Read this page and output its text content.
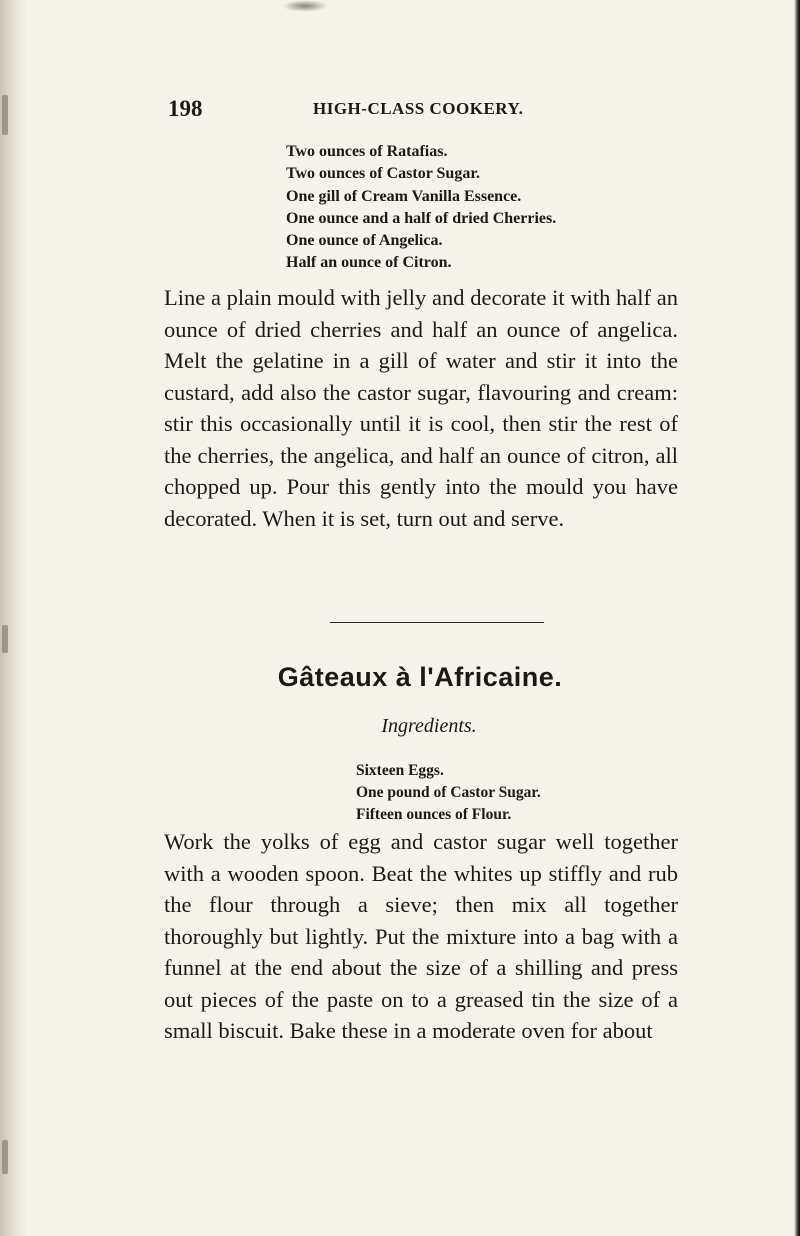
198	HIGH-CLASS COOKERY.
Two ounces of Ratafias.
Two ounces of Castor Sugar.
One gill of Cream Vanilla Essence.
One ounce and a half of dried Cherries.
One ounce of Angelica.
Half an ounce of Citron.

Line a plain mould with jelly and decorate it with half an ounce of dried cherries and half an ounce of angelica. Melt the gelatine in a gill of water and stir it into the custard, add also the castor sugar, flavouring and cream: stir this occasionally until it is cool, then stir the rest of the cherries, the angelica, and half an ounce of citron, all chopped up. Pour this gently into the mould you have decorated. When it is set, turn out and serve.

Gâteaux à l'Africaine.
Ingredients.
Sixteen Eggs.
One pound of Castor Sugar.
Fifteen ounces of Flour.

Work the yolks of egg and castor sugar well together with a wooden spoon. Beat the whites up stiffly and rub the flour through a sieve; then mix all together thoroughly but lightly. Put the mixture into a bag with a funnel at the end about the size of a shilling and press out pieces of the paste on to a greased tin the size of a small biscuit. Bake these in a moderate oven for about
